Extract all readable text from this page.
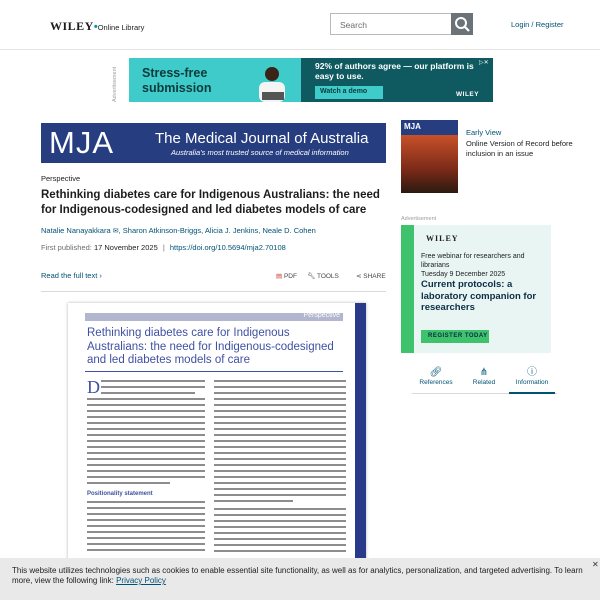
WILEY•Online Library	Search	Login / Register
Advertisement Stress-free
submission
92% of authors agree — our platform is easy to use.
Watch a demo	WILEY
▷✕
MJA	The Medical Journal of Australia
Australia's most trusted source of medical information
Perspective
Rethinking diabetes care for Indigenous Australians: the need for Indigenous-codesigned and led diabetes models of care
Natalie Nanayakkara ✉, Sharon Atkinson-Briggs, Alicia J. Jenkins, Neale D. Cohen
First published: 17 November 2025 | https://doi.org/10.5694/mja2.70108
Read the full text ›	▤ PDF 🔧︎ TOOLS	⋖ SHARE
Perspective
Rethinking diabetes care for Indigenous Australians: the need for Indigenous-codesigned and led diabetes models of care
D
Positionality statement
MJA
Early View
Online Version of Record before inclusion in an issue
Advertisement
WILEY
Free webinar for researchers and librarians
Tuesday 9 December 2025
Current protocols: a laboratory companion for researchers
REGISTER TODAY
🔗︎
References
⋔
Related
ⓘ
Information
This website utilizes technologies such as cookies to enable essential site functionality, as well as for analytics, personalization, and targeted advertising. To learn more, view the following link: Privacy Policy
✕
